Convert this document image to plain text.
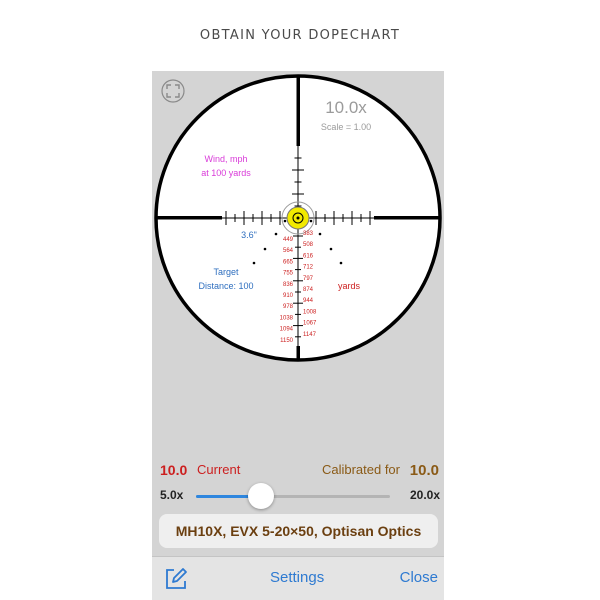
OBTAIN YOUR DOPECHART
10.0x
Scale = 1.00
Wind, mph
at 100 yards
3.6"
Target
Distance: 100	yards
449
564
665
755
836
910
978
1038
1094
1150
383
508
616
712
797
874
944
1008
1067
1147
10.0 Current	Calibrated for 10.0
5.0x	20.0x
MH10X, EVX 5-20×50, Optisan Optics
Settings	Close
